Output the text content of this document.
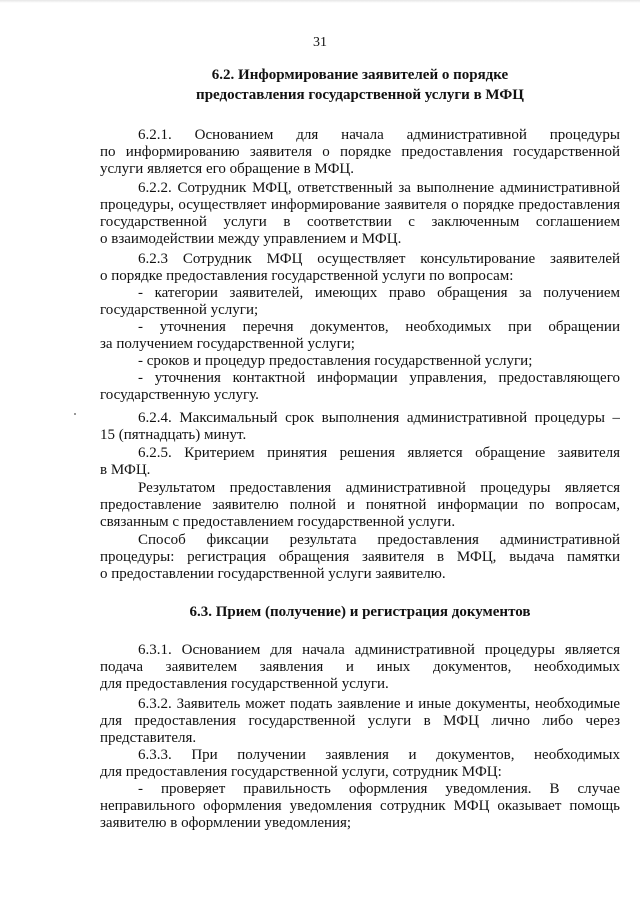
31
6.2. Информирование заявителей о порядке
предоставления государственной услуги в МФЦ
6.2.1. Основанием для начала административной процедуры
по информированию заявителя о порядке предоставления государственной
услуги является его обращение в МФЦ.
6.2.2. Сотрудник МФЦ, ответственный за выполнение административной
процедуры, осуществляет информирование заявителя о порядке предоставления
государственной услуги в соответствии с заключенным соглашением
о взаимодействии между управлением и МФЦ.
6.2.3 Сотрудник МФЦ осуществляет консультирование заявителей
о порядке предоставления государственной услуги по вопросам:
- категории заявителей, имеющих право обращения за получением
государственной услуги;
- уточнения перечня документов, необходимых при обращении
за получением государственной услуги;
- сроков и процедур предоставления государственной услуги;
- уточнения контактной информации управления, предоставляющего
государственную услугу.
6.2.4. Максимальный срок выполнения административной процедуры –
15 (пятнадцать) минут.
6.2.5. Критерием принятия решения является обращение заявителя
в МФЦ.
Результатом предоставления административной процедуры является
предоставление заявителю полной и понятной информации по вопросам,
связанным с предоставлением государственной услуги.
Способ фиксации результата предоставления административной
процедуры: регистрация обращения заявителя в МФЦ, выдача памятки
о предоставлении государственной услуги заявителю.
6.3. Прием (получение) и регистрация документов
6.3.1. Основанием для начала административной процедуры является
подача заявителем заявления и иных документов, необходимых
для предоставления государственной услуги.
6.3.2. Заявитель может подать заявление и иные документы, необходимые
для предоставления государственной услуги в МФЦ лично либо через
представителя.
6.3.3. При получении заявления и документов, необходимых
для предоставления государственной услуги, сотрудник МФЦ:
- проверяет правильность оформления уведомления. В случае
неправильного оформления уведомления сотрудник МФЦ оказывает помощь
заявителю в оформлении уведомления;
